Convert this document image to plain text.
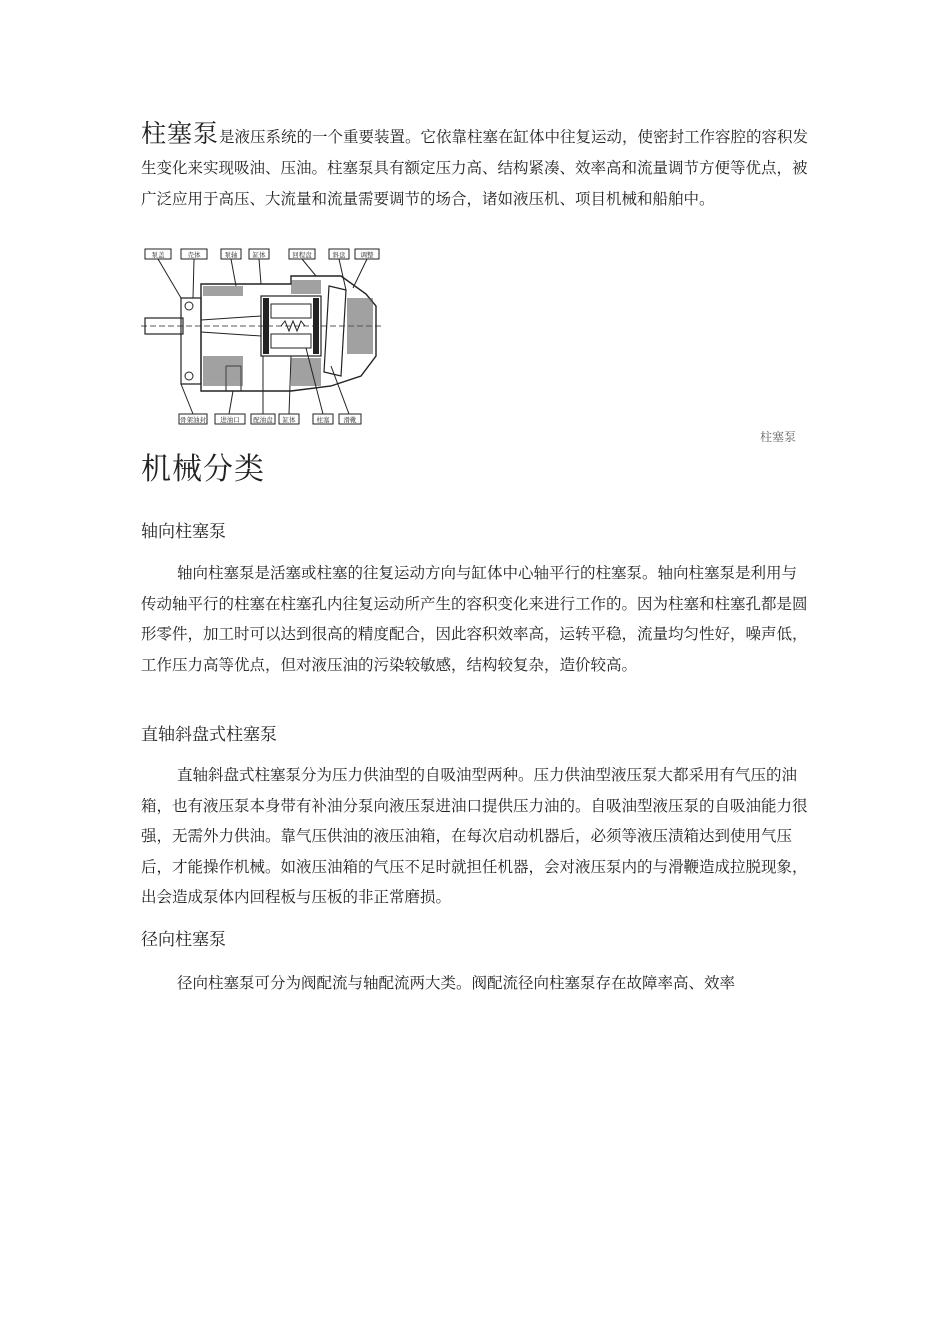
柱塞泵是液压系统的一个重要装置。它依靠柱塞在缸体中往复运动，使密封工作容腔的容积发生变化来实现吸油、压油。柱塞泵具有额定压力高、结构紧凑、效率高和流量调节方便等优点，被广泛应用于高压、大流量和流量需要调节的场合，诸如液压机、项目机械和船舶中。

泵盖	壳体	泵轴 缸体	回程盘	斜盘 调整
骨架油封 进油口 配油盘 缸体	柱塞 滑靴
柱塞泵
机械分类
轴向柱塞泵

轴向柱塞泵是活塞或柱塞的往复运动方向与缸体中心轴平行的柱塞泵。轴向柱塞泵是利用与传动轴平行的柱塞在柱塞孔内往复运动所产生的容积变化来进行工作的。因为柱塞和柱塞孔都是圆形零件，加工时可以达到很高的精度配合，因此容积效率高，运转平稳，流量均匀性好，噪声低，工作压力高等优点，但对液压油的污染较敏感，结构较复杂，造价较高。

直轴斜盘式柱塞泵

直轴斜盘式柱塞泵分为压力供油型的自吸油型两种。压力供油型液压泵大都采用有气压的油箱，也有液压泵本身带有补油分泵向液压泵进油口提供压力油的。自吸油型液压泵的自吸油能力很强，无需外力供油。靠气压供油的液压油箱，在每次启动机器后，必须等液压渍箱达到使用气压后，才能操作机械。如液压油箱的气压不足时就担任机器，会对液压泵内的与滑鞭造成拉脱现象，出会造成泵体内回程板与压板的非正常磨损。

径向柱塞泵

径向柱塞泵可分为阀配流与轴配流两大类。阀配流径向柱塞泵存在故障率高、效率
